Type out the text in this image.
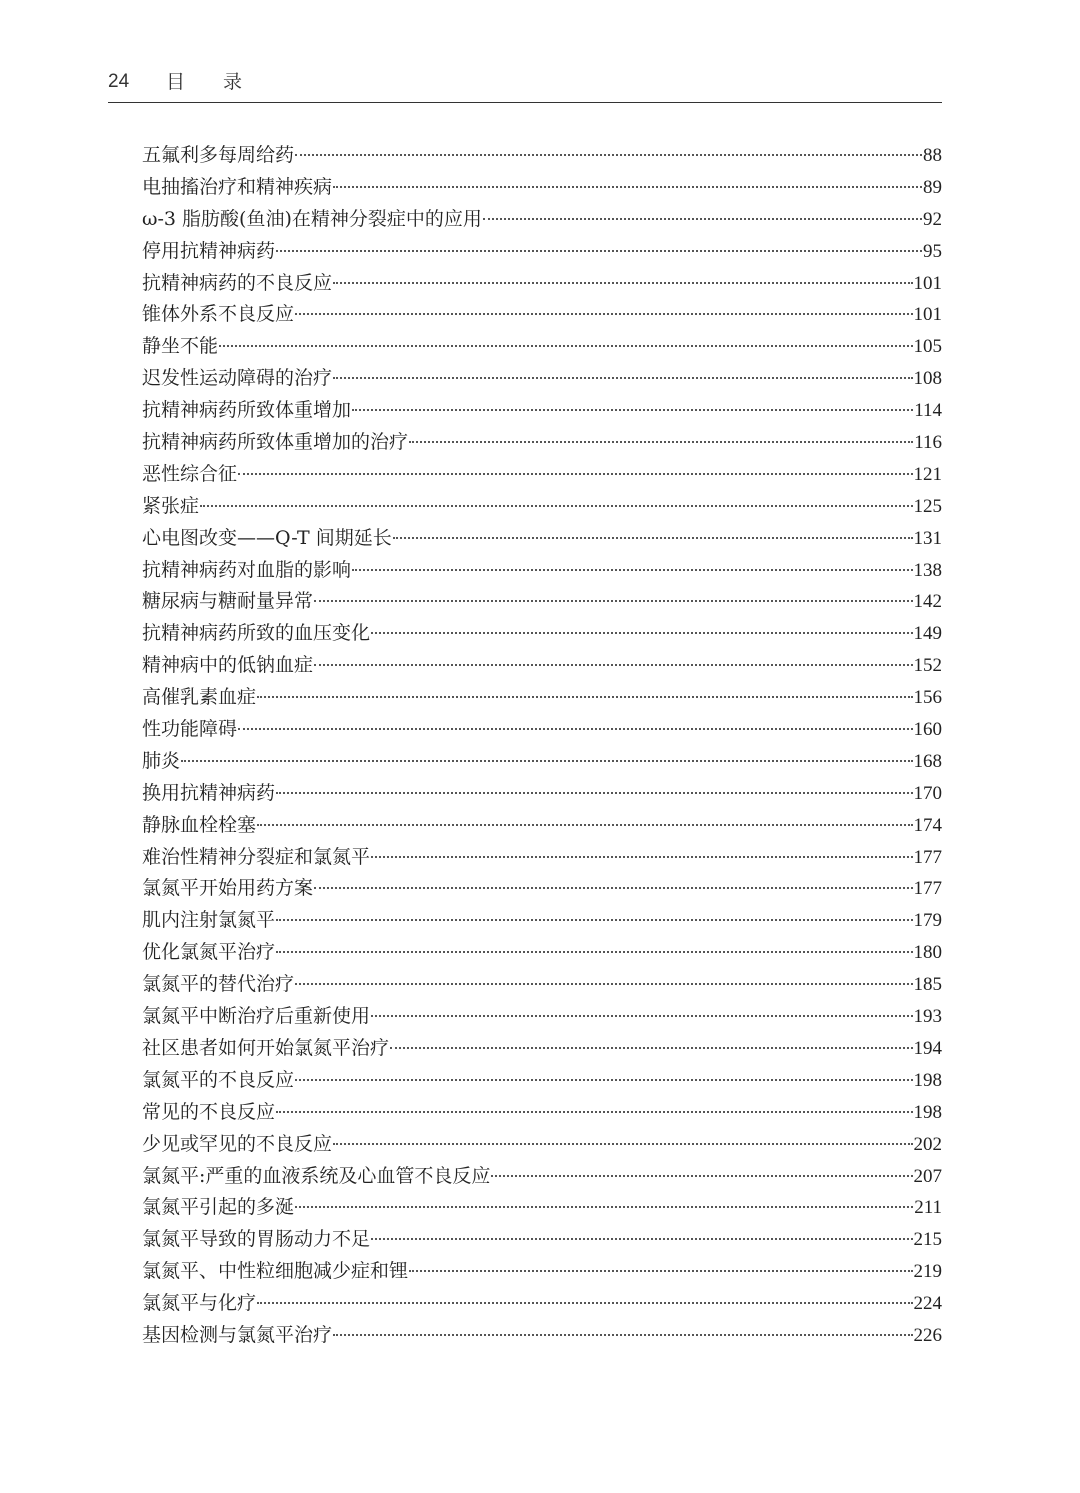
24 目录
五氟利多每周给药	88
电抽搐治疗和精神疾病	89
ω-3 脂肪酸(鱼油)在精神分裂症中的应用	92
停用抗精神病药	95
抗精神病药的不良反应	101
锥体外系不良反应	101
静坐不能	105
迟发性运动障碍的治疗	108
抗精神病药所致体重增加	114
抗精神病药所致体重增加的治疗	116
恶性综合征	121
紧张症	125
心电图改变——Q-T 间期延长	131
抗精神病药对血脂的影响	138
糖尿病与糖耐量异常	142
抗精神病药所致的血压变化	149
精神病中的低钠血症	152
高催乳素血症	156
性功能障碍	160
肺炎	168
换用抗精神病药	170
静脉血栓栓塞	174
难治性精神分裂症和氯氮平	177
氯氮平开始用药方案	177
肌内注射氯氮平	179
优化氯氮平治疗	180
氯氮平的替代治疗	185
氯氮平中断治疗后重新使用	193
社区患者如何开始氯氮平治疗	194
氯氮平的不良反应	198
常见的不良反应	198
少见或罕见的不良反应	202
氯氮平:严重的血液系统及心血管不良反应	207
氯氮平引起的多涎	211
氯氮平导致的胃肠动力不足	215
氯氮平、中性粒细胞减少症和锂	219
氯氮平与化疗	224
基因检测与氯氮平治疗	226
